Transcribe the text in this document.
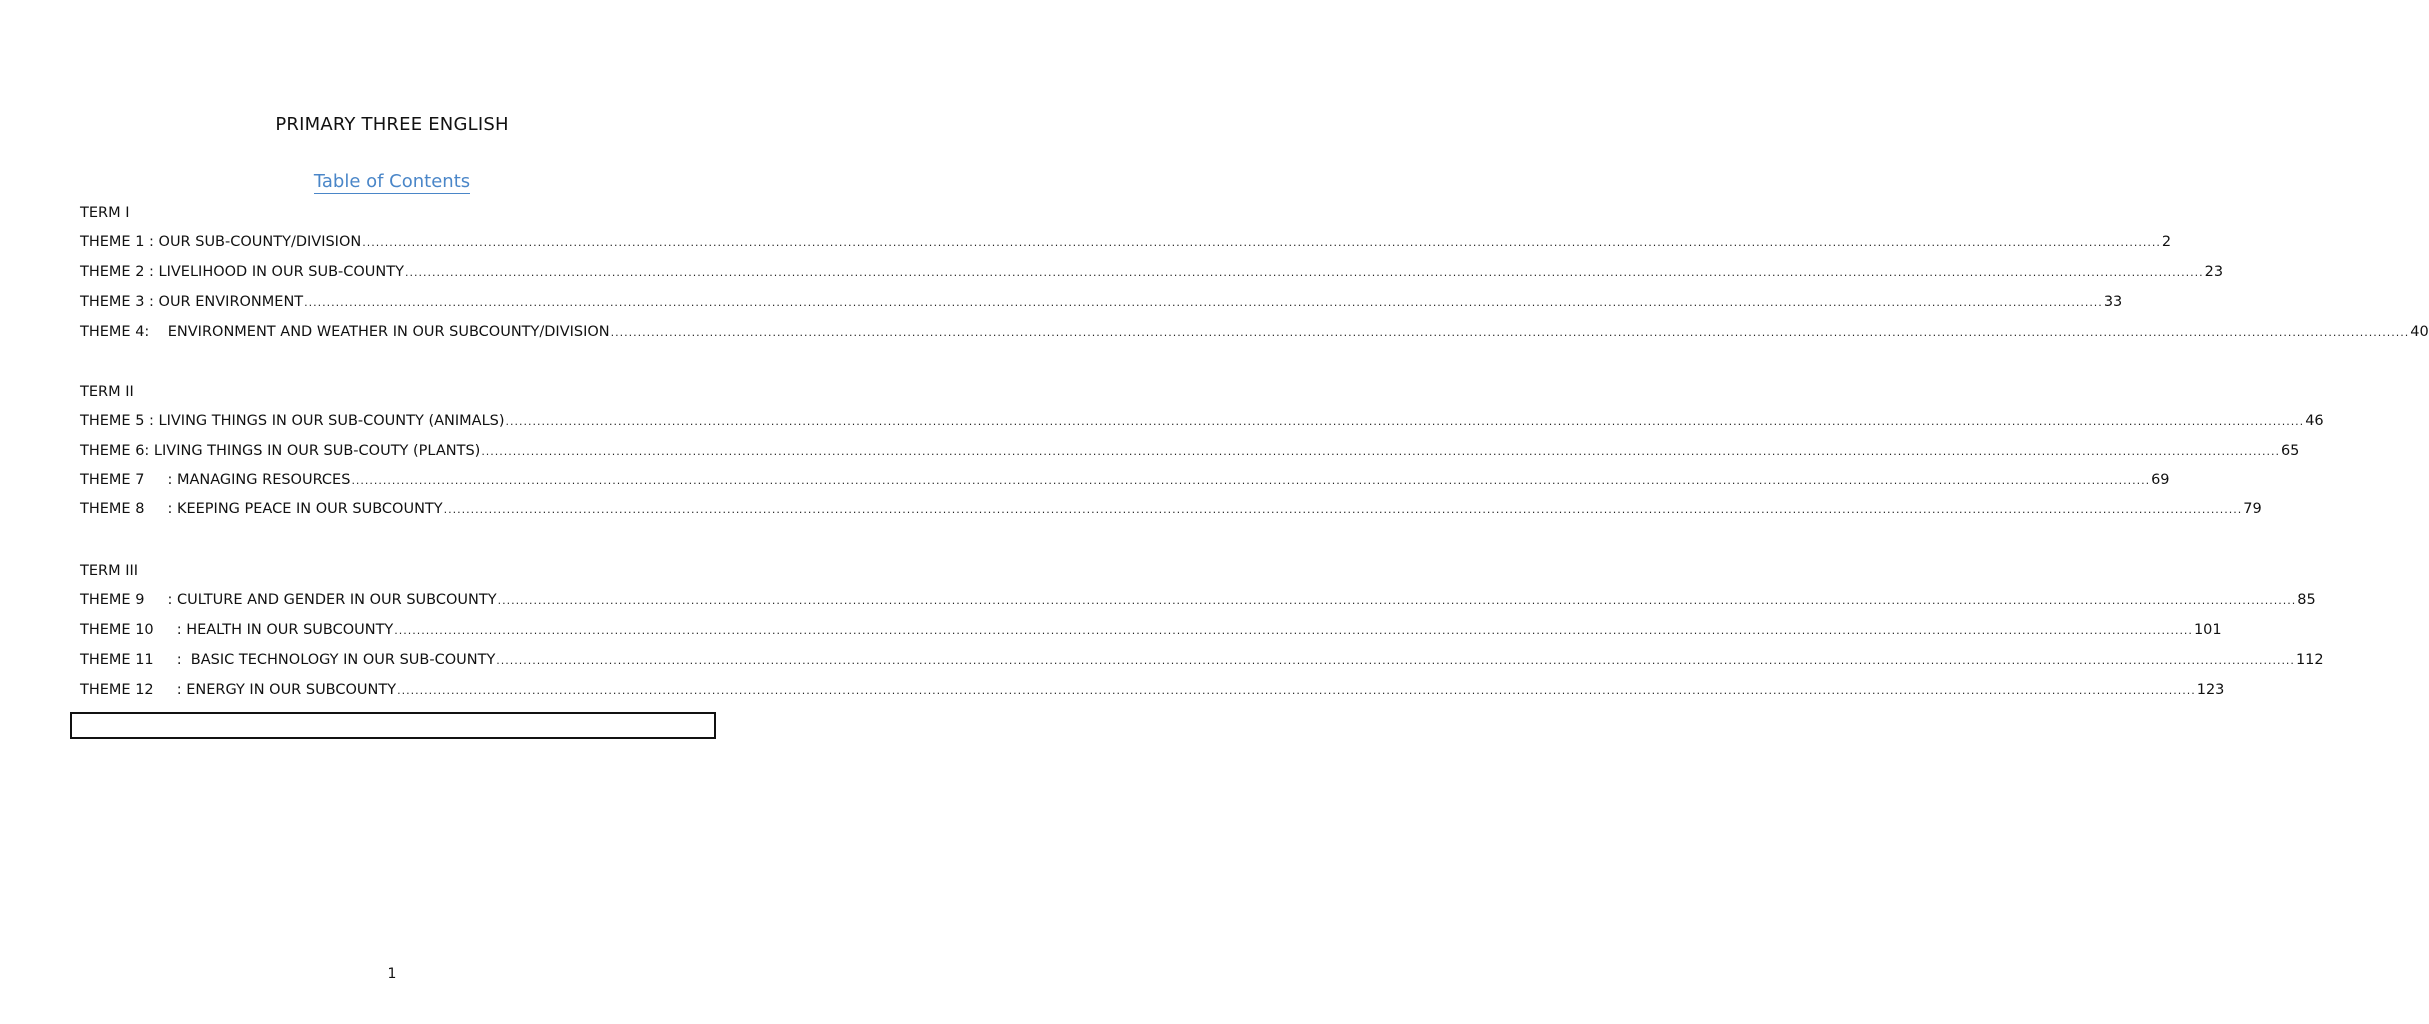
PRIMARY THREE ENGLISH
Table of Contents
TERM I
THEME 1 : OUR SUB-COUNTY/DIVISION ................................................................................................................................................................................................................................................................................................................................................................................................................ 2
THEME 2 : LIVELIHOOD IN OUR SUB-COUNTY ................................................................................................................................................................................................................................................................................................................................................................................................................ 23
THEME 3 : OUR ENVIRONMENT ................................................................................................................................................................................................................................................................................................................................................................................................................ 33
THEME 4:    ENVIRONMENT AND WEATHER IN OUR SUBCOUNTY/DIVISION ................................................................................................................................................................................................................................................................................................................................................................................................................ 40
TERM II
THEME 5 : LIVING THINGS IN OUR SUB-COUNTY (ANIMALS) ................................................................................................................................................................................................................................................................................................................................................................................................................ 46
THEME 6: LIVING THINGS IN OUR SUB-COUTY (PLANTS) ................................................................................................................................................................................................................................................................................................................................................................................................................ 65
THEME 7     : MANAGING RESOURCES ................................................................................................................................................................................................................................................................................................................................................................................................................ 69
THEME 8     : KEEPING PEACE IN OUR SUBCOUNTY ................................................................................................................................................................................................................................................................................................................................................................................................................ 79
TERM III
THEME 9     : CULTURE AND GENDER IN OUR SUBCOUNTY ................................................................................................................................................................................................................................................................................................................................................................................................................ 85
THEME 10     : HEALTH IN OUR SUBCOUNTY ................................................................................................................................................................................................................................................................................................................................................................................................................ 101
THEME 11     :  BASIC TECHNOLOGY IN OUR SUB-COUNTY ................................................................................................................................................................................................................................................................................................................................................................................................................ 112
THEME 12     : ENERGY IN OUR SUBCOUNTY ................................................................................................................................................................................................................................................................................................................................................................................................................ 123
1
